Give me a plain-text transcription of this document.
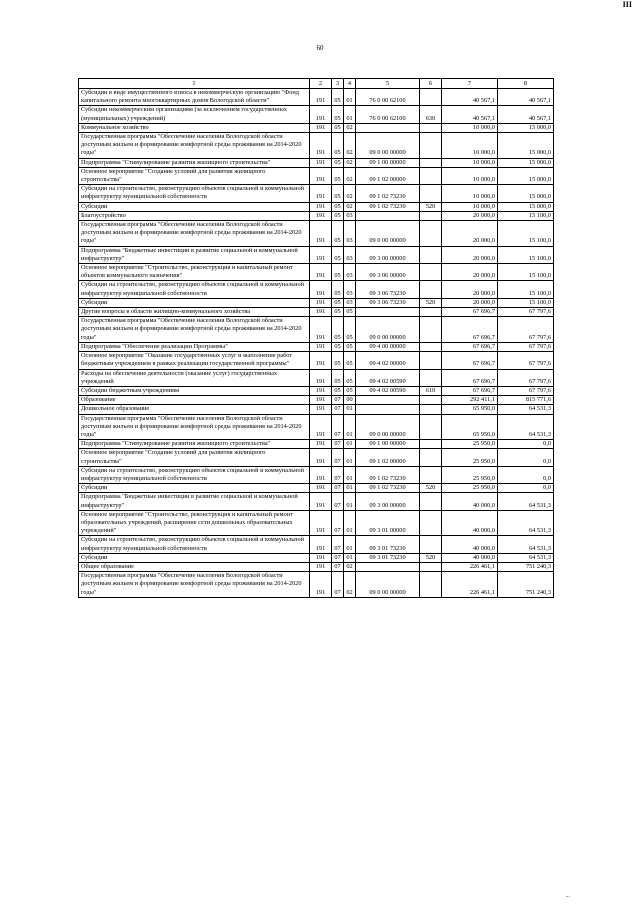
III
60
1	2	3	4	5	6	7	8
Субсидии в виде имущественного взноса в некоммерческую организацию "Фонд капитального ремонта многоквартирных домов Вологодской области"	191	05	01	76 0 00 62100		40 567,1	40 567,1
Субсидии некоммерческим организациям (за исключением государственных (муниципальных) учреждений)	191	05	01	76 0 00 62100	630	40 567,1	40 567,1
Коммунальное хозяйство	191	05	02			10 000,0	15 000,0
Государственная программа "Обеспечение населения Вологодской области доступным жильем и формирование комфортной среды проживания на 2014-2020 годы"	191	05	02	09 0 00 00000		10 000,0	15 000,0
Подпрограмма "Стимулирование развития жилищного строительства"	191	05	02	09 1 00 00000		10 000,0	15 000,0
Основное мероприятие "Создание условий для развития жилищного строительства"	191	05	02	09 1 02 00000		10 000,0	15 000,0
Субсидии на строительство, реконструкцию объектов социальной и коммунальной инфраструктур муниципальной собственности	191	05	02	09 1 02 73230		10 000,0	15 000,0
Субсидии	191	05	02	09 1 02 73230	520	10 000,0	15 000,0
Благоустройство	191	05	03			20 000,0	15 100,0
Государственная программа "Обеспечение населения Вологодской области доступным жильем и формирование комфортной среды проживания на 2014-2020 годы"	191	05	03	09 0 00 00000		20 000,0	15 100,0
Подпрограмма "Бюджетные инвестиции в развитие социальной и коммунальной инфраструктур"	191	05	03	09 3 00 00000		20 000,0	15 100,0
Основное мероприятие "Строительство, реконструкция и капитальный ремонт объектов коммунального назначения"	191	05	03	09 3 06 00000		20 000,0	15 100,0
Субсидии на строительство, реконструкцию объектов социальной и коммунальной инфраструктур муниципальной собственности	191	05	03	09 3 06 73230		20 000,0	15 100,0
Субсидии	191	05	03	09 3 06 73230	520	20 000,0	15 100,0
Другие вопросы в области жилищно-коммунального хозяйства	191	05	05			67 696,7	67 797,6
Государственная программа "Обеспечение населения Вологодской области доступным жильем и формирование комфортной среды проживания на 2014-2020 годы"	191	05	05	09 0 00 00000		67 696,7	67 797,6
Подпрограмма "Обеспечение реализации Программы"	191	05	05	09 4 00 00000		67 696,7	67 797,6
Основное мероприятие "Оказание государственных услуг и выполнение работ бюджетным учреждением в рамках реализации государственной программы"	191	05	05	09 4 02 00000		67 696,7	67 797,6
Расходы на обеспечение деятельности (оказание услуг) государственных учреждений	191	05	05	09 4 02 00590		67 696,7	67 797,6
Субсидии бюджетным учреждениям	191	05	05	09 4 02 00590	610	67 696,7	67 797,6
Образование	191	07	00			292 411,1	815 771,6
Дошкольное образование	191	07	01			65 950,0	64 531,3
Государственная программа "Обеспечение населения Вологодской области доступным жильем и формирование комфортной среды проживания на 2014-2020 годы"	191	07	01	09 0 00 00000		65 950,0	64 531,3
Подпрограмма "Стимулирование развития жилищного строительства"	191	07	01	09 1 00 00000		25 950,0	0,0
Основное мероприятие "Создание условий для развития жилищного строительства"	191	07	01	09 1 02 00000		25 950,0	0,0
Субсидии на строительство, реконструкцию объектов социальной и коммунальной инфраструктур муниципальной собственности	191	07	01	09 1 02 73230		25 950,0	0,0
Субсидии	191	07	01	09 1 02 73230	520	25 950,0	0,0
Подпрограмма "Бюджетные инвестиции в развитие социальной и коммунальной инфраструктур"	191	07	01	09 3 00 00000		40 000,0	64 531,3
Основное мероприятие "Строительство, реконструкция и капитальный ремонт образовательных учреждений, расширение сети дошкольных образовательных учреждений"	191	07	01	09 3 01 00000		40 000,0	64 531,3
Субсидии на строительство, реконструкцию объектов социальной и коммунальной инфраструктур муниципальной собственности	191	07	01	09 3 01 73230		40 000,0	64 531,3
Субсидии	191	07	01	09 3 01 73230	520	40 000,0	64 531,3
Общее образование	191	07	02			226 461,1	751 240,3
Государственная программа "Обеспечение населения Вологодской области доступным жильем и формирование комфортной среды проживания на 2014-2020 годы"	191	07	02	09 0 00 00000		226 461,1	751 240,3
...
